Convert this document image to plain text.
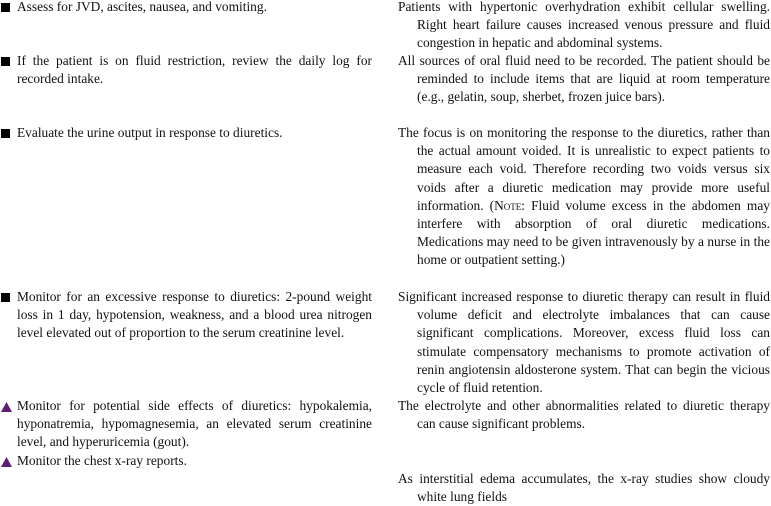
Assess for JVD, ascites, nausea, and vomiting.	Patients with hypertonic overhydration exhibit cellular swelling. Right heart failure causes increased venous pressure and fluid congestion in hepatic and abdominal systems.
If the patient is on fluid restriction, review the daily log for recorded intake.
All sources of oral fluid need to be recorded. The patient should be reminded to include items that are liquid at room temperature (e.g., gelatin, soup, sherbet, frozen juice bars).
Evaluate the urine output in response to diuretics.	The focus is on monitoring the response to the diuretics, rather than the actual amount voided. It is unrealistic to expect patients to measure each void. Therefore recording two voids versus six voids after a diuretic medication may provide more useful information. (Note: Fluid volume excess in the abdomen may interfere with absorption of oral diuretic medications. Medications may need to be given intravenously by a nurse in the home or outpatient setting.)
Monitor for an excessive response to diuretics: 2-pound weight loss in 1 day, hypotension, weakness, and a blood urea nitrogen level elevated out of proportion to the serum creatinine level.
Significant increased response to diuretic therapy can result in fluid volume deficit and electrolyte imbalances that can cause significant complications. Moreover, excess fluid loss can stimulate compensatory mechanisms to promote activation of renin angiotensin aldosterone system. That can begin the vicious cycle of fluid retention.
Monitor for potential side effects of diuretics: hypokalemia, hyponatremia, hypomagnesemia, an elevated serum creatinine level, and hyperuricemia (gout).
The electrolyte and other abnormalities related to diuretic therapy can cause significant problems.
Monitor the chest x-ray reports.
As interstitial edema accumulates, the x-ray studies show cloudy white lung fields
